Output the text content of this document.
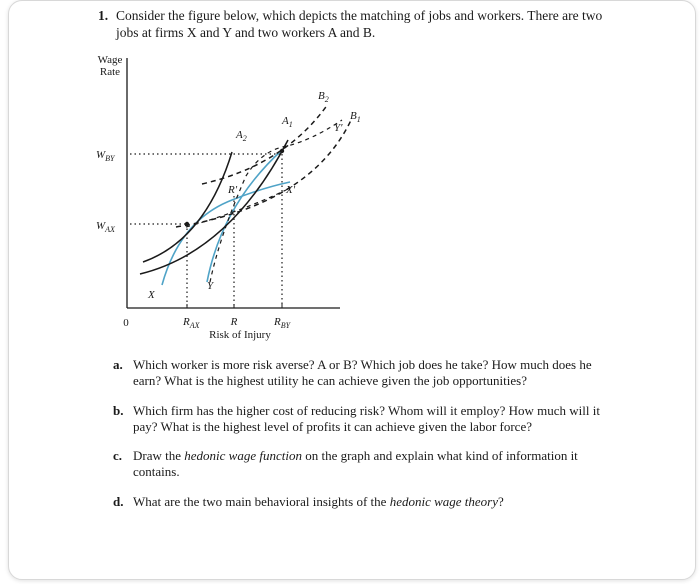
1. Consider the figure below, which depicts the matching of jobs and workers. There are two jobs at firms X and Y and two workers A and B.
Wage
Rate
Risk of Injury
0
$W_{BY}$
$W_{AX}$
$R_{AX}$	R	$R_{BY}$
$B_2$
$B_1$
$A_1$
$A_2$
Y′
X′
R′
X
Y
a. Which worker is more risk averse? A or B? Which job does he take? How much does he earn? What is the highest utility he can achieve given the job opportunities?
b. Which firm has the higher cost of reducing risk? Whom will it employ? How much will it pay? What is the highest level of profits it can achieve given the labor force?
c. Draw the hedonic wage function on the graph and explain what kind of information it contains.
d. What are the two main behavioral insights of the hedonic wage theory?
